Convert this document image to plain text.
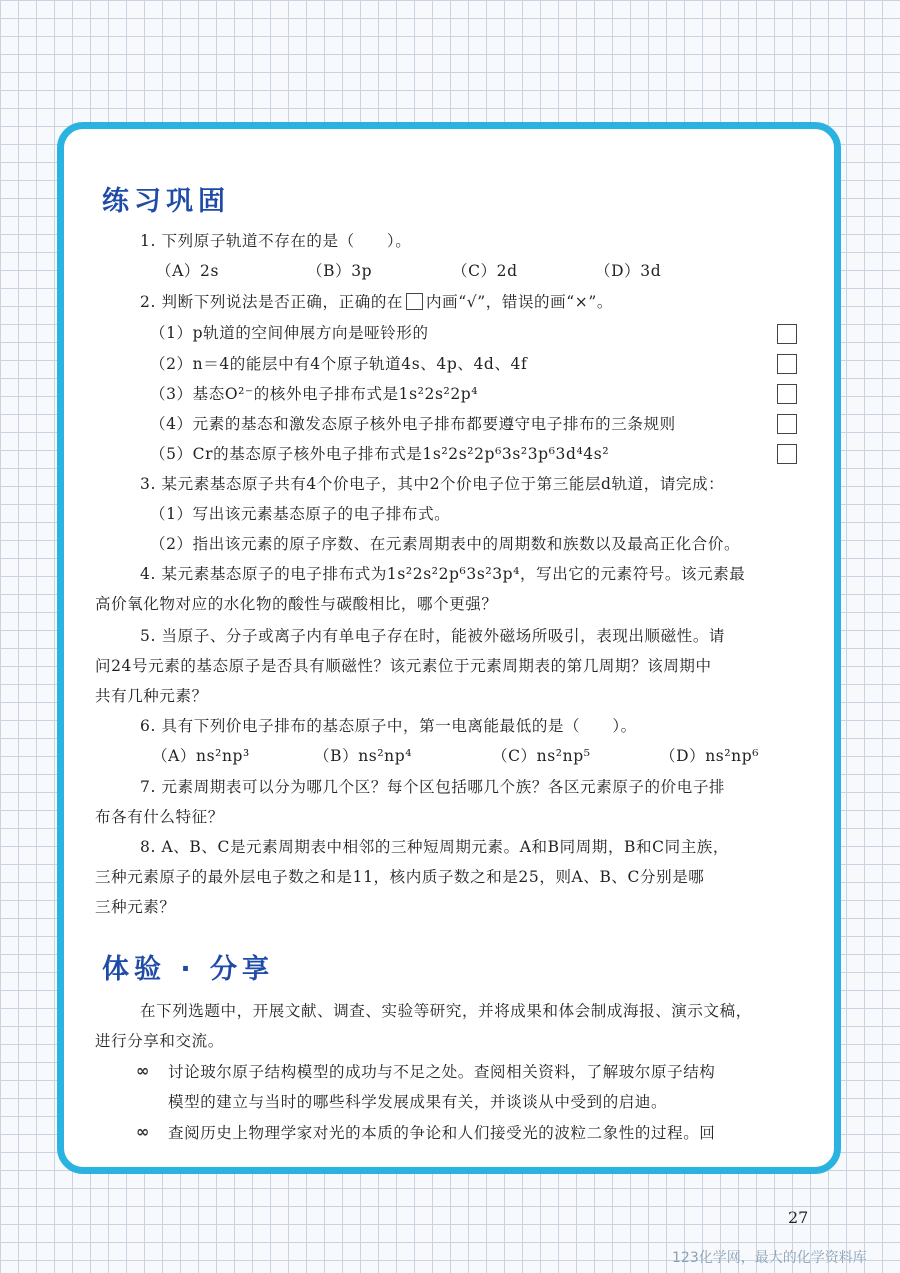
练习巩固
1. 下列原子轨道不存在的是（　　）。
（A）2s	（B）3p	（C）2d	（D）3d
2. 判断下列说法是否正确，正确的在 内画“√”，错误的画“×”。
（1）p轨道的空间伸展方向是哑铃形的
（2）n＝4的能层中有4个原子轨道4s、4p、4d、4f
（3）基态O²⁻的核外电子排布式是1s²2s²2p⁴
（4）元素的基态和激发态原子核外电子排布都要遵守电子排布的三条规则
（5）Cr的基态原子核外电子排布式是1s²2s²2p⁶3s²3p⁶3d⁴4s²
3. 某元素基态原子共有4个价电子，其中2个价电子位于第三能层d轨道，请完成：
（1）写出该元素基态原子的电子排布式。
（2）指出该元素的原子序数、在元素周期表中的周期数和族数以及最高正化合价。
4. 某元素基态原子的电子排布式为1s²2s²2p⁶3s²3p⁴，写出它的元素符号。该元素最
高价氧化物对应的水化物的酸性与碳酸相比，哪个更强？
5. 当原子、分子或离子内有单电子存在时，能被外磁场所吸引，表现出顺磁性。请
问24号元素的基态原子是否具有顺磁性？该元素位于元素周期表的第几周期？该周期中
共有几种元素？
6. 具有下列价电子排布的基态原子中，第一电离能最低的是（　　）。
（A）ns²np³	（B）ns²np⁴	（C）ns²np⁵	（D）ns²np⁶
7. 元素周期表可以分为哪几个区？每个区包括哪几个族？各区元素原子的价电子排
布各有什么特征？
8. A、B、C是元素周期表中相邻的三种短周期元素。A和B同周期，B和C同主族，
三种元素原子的最外层电子数之和是11，核内质子数之和是25，则A、B、C分别是哪
三种元素？
体验 · 分享
在下列选题中，开展文献、调查、实验等研究，并将成果和体会制成海报、演示文稿，
进行分享和交流。
∞ 讨论玻尔原子结构模型的成功与不足之处。查阅相关资料，了解玻尔原子结构
模型的建立与当时的哪些科学发展成果有关，并谈谈从中受到的启迪。
∞ 查阅历史上物理学家对光的本质的争论和人们接受光的波粒二象性的过程。回
27
123化学网，最大的化学资料库
